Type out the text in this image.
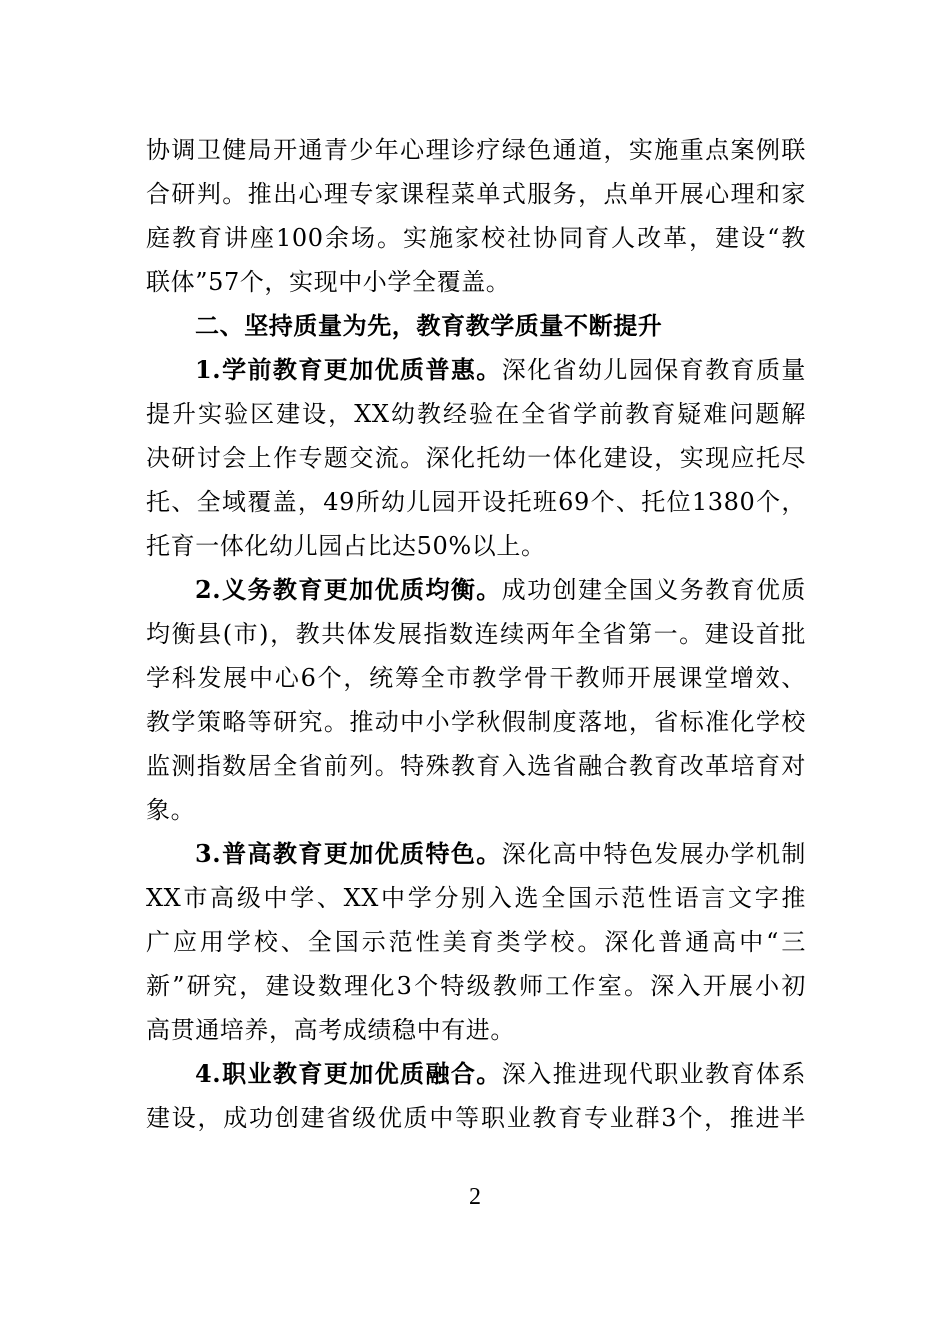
协调卫健局开通青少年心理诊疗绿色通道，实施重点案例联

合研判。推出心理专家课程菜单式服务，点单开展心理和家

庭教育讲座100余场。实施家校社协同育人改革，建设“教

联体”57个，实现中小学全覆盖。

二、坚持质量为先，教育教学质量不断提升

1.学前教育更加优质普惠。深化省幼儿园保育教育质量

提升实验区建设，XX幼教经验在全省学前教育疑难问题解

决研讨会上作专题交流。深化托幼一体化建设，实现应托尽

托、全域覆盖，49所幼儿园开设托班69个、托位1380个，

托育一体化幼儿园占比达50%以上。

2.义务教育更加优质均衡。成功创建全国义务教育优质

均衡县(市)，教共体发展指数连续两年全省第一。建设首批

学科发展中心6个，统筹全市教学骨干教师开展课堂增效、

教学策略等研究。推动中小学秋假制度落地，省标准化学校

监测指数居全省前列。特殊教育入选省融合教育改革培育对

象。

3.普高教育更加优质特色。深化高中特色发展办学机制

XX市高级中学、XX中学分别入选全国示范性语言文字推

广应用学校、全国示范性美育类学校。深化普通高中“三

新”研究，建设数理化3个特级教师工作室。深入开展小初

高贯通培养，高考成绩稳中有进。

4.职业教育更加优质融合。深入推进现代职业教育体系

建设，成功创建省级优质中等职业教育专业群3个，推进半

2
